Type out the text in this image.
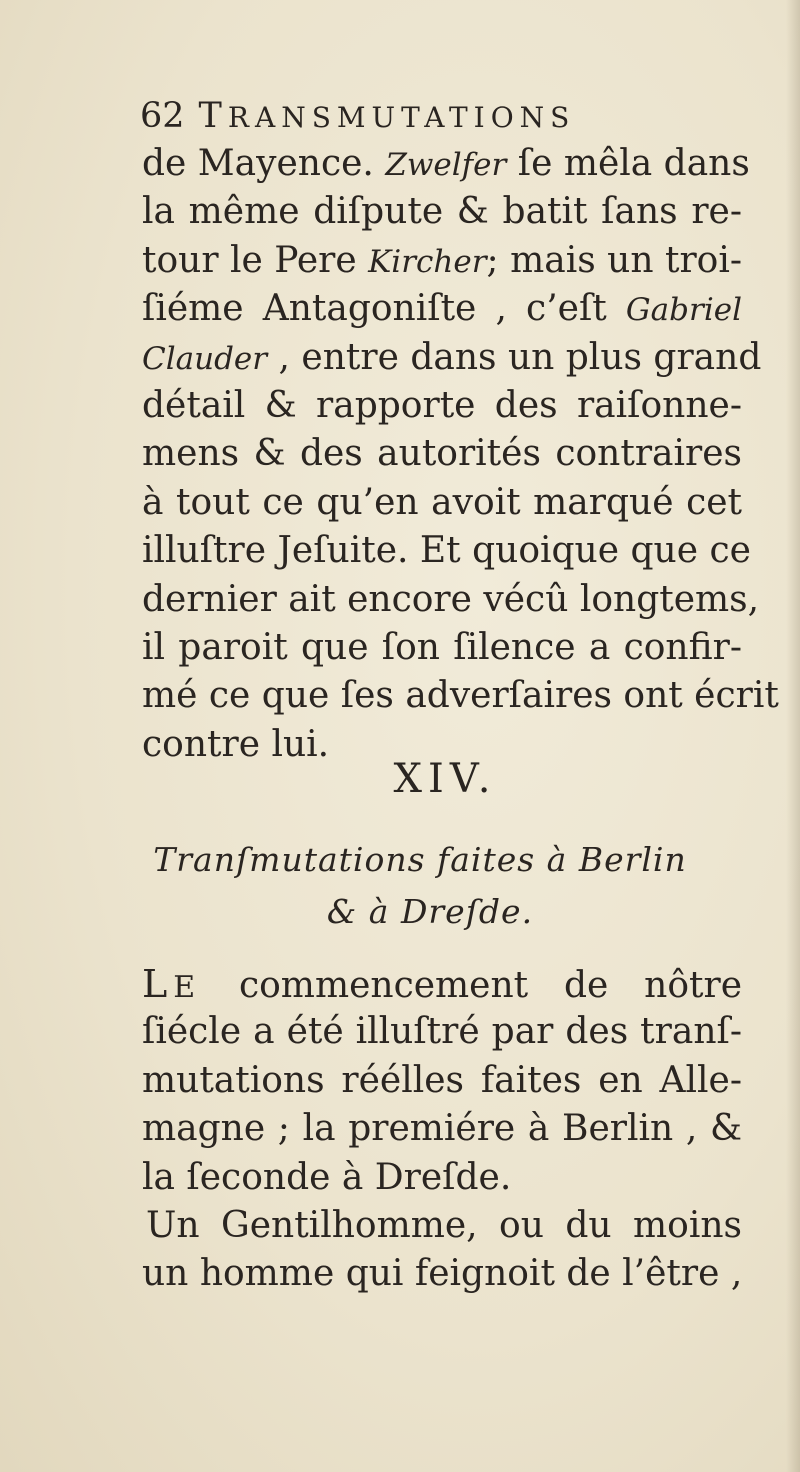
62 TRANSMUTATIONS
de Mayence. Zwelfer ſe mêla dans
la même diſpute & batit ſans re-
tour le Pere Kircher; mais un troi-
ſiéme Antagoniſte , c’eſt Gabriel
Clauder , entre dans un plus grand
détail & rapporte des raiſonne-
mens & des autorités contraires
à tout ce qu’en avoit marqué cet
illuſtre Jeſuite. Et quoique que ce
dernier ait encore vécû longtems,
il paroit que ſon ſilence a confir-
mé ce que ſes adverſaires ont écrit
contre lui.
XIV.
Tranſmutations faites à Berlin
& à Dreſde.
LE commencement de nôtre
ſiécle a été illuſtré par des tranſ-
mutations réélles faites en Alle-
magne ; la premiére à Berlin , &
la ſeconde à Dreſde.
Un Gentilhomme, ou du moins
un homme qui feignoit de l’être ,
